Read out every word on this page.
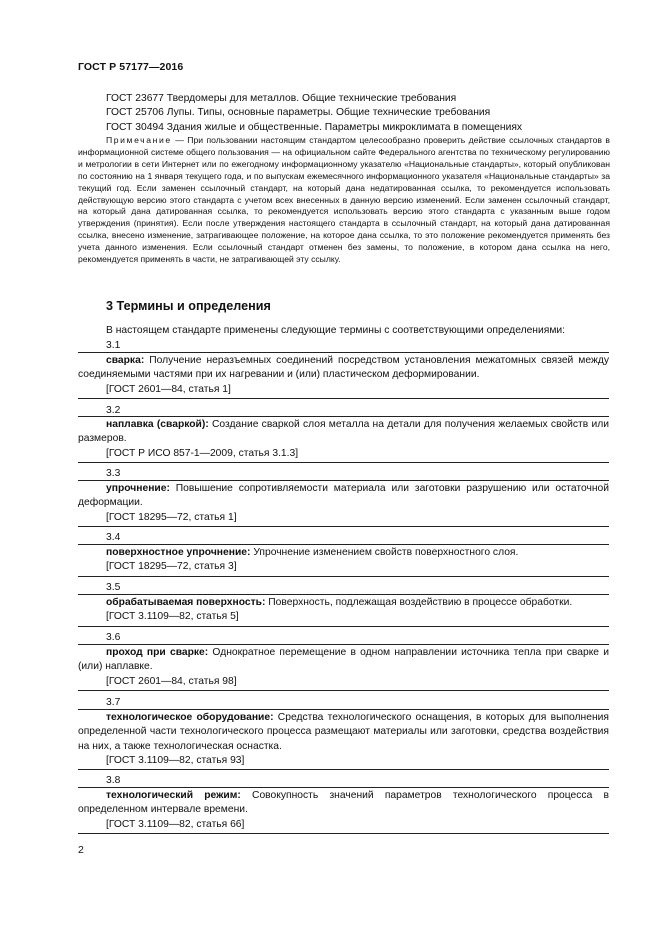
ГОСТ Р 57177—2016
ГОСТ 23677 Твердомеры для металлов. Общие технические требования
ГОСТ 25706 Лупы. Типы, основные параметры. Общие технические требования
ГОСТ 30494 Здания жилые и общественные. Параметры микроклимата в помещениях
Примечание — При пользовании настоящим стандартом целесообразно проверить действие ссылочных стандартов в информационной системе общего пользования — на официальном сайте Федерального агентства по техническому регулированию и метрологии в сети Интернет или по ежегодному информационному указателю «Национальные стандарты», который опубликован по состоянию на 1 января текущего года, и по выпускам ежемесячного информационного указателя «Национальные стандарты» за текущий год. Если заменен ссылочный стандарт, на который дана недатированная ссылка, то рекомендуется использовать действующую версию этого стандарта с учетом всех внесенных в данную версию изменений. Если заменен ссылочный стандарт, на который дана датированная ссылка, то рекомендуется использовать версию этого стандарта с указанным выше годом утверждения (принятия). Если после утверждения настоящего стандарта в ссылочный стандарт, на который дана датированная ссылка, внесено изменение, затрагивающее положение, на которое дана ссылка, то это положение рекомендуется применять без учета данного изменения. Если ссылочный стандарт отменен без замены, то положение, в котором дана ссылка на него, рекомендуется применять в части, не затрагивающей эту ссылку.
3 Термины и определения
В настоящем стандарте применены следующие термины с соответствующими определениями:
3.1
сварка: Получение неразъемных соединений посредством установления межатомных связей между соединяемыми частями при их нагревании и (или) пластическом деформировании.
[ГОСТ 2601—84, статья 1]
3.2
наплавка (сваркой): Создание сваркой слоя металла на детали для получения желаемых свойств или размеров.
[ГОСТ Р ИСО 857-1—2009, статья 3.1.3]
3.3
упрочнение: Повышение сопротивляемости материала или заготовки разрушению или остаточной деформации.
[ГОСТ 18295—72, статья 1]
3.4
поверхностное упрочнение: Упрочнение изменением свойств поверхностного слоя.
[ГОСТ 18295—72, статья 3]
3.5
обрабатываемая поверхность: Поверхность, подлежащая воздействию в процессе обработки.
[ГОСТ 3.1109—82, статья 5]
3.6
проход при сварке: Однократное перемещение в одном направлении источника тепла при сварке и (или) наплавке.
[ГОСТ 2601—84, статья 98]
3.7
технологическое оборудование: Средства технологического оснащения, в которых для выполнения определенной части технологического процесса размещают материалы или заготовки, средства воздействия на них, а также технологическая оснастка.
[ГОСТ 3.1109—82, статья 93]
3.8
технологический режим: Совокупность значений параметров технологического процесса в определенном интервале времени.
[ГОСТ 3.1109—82, статья 66]
2
